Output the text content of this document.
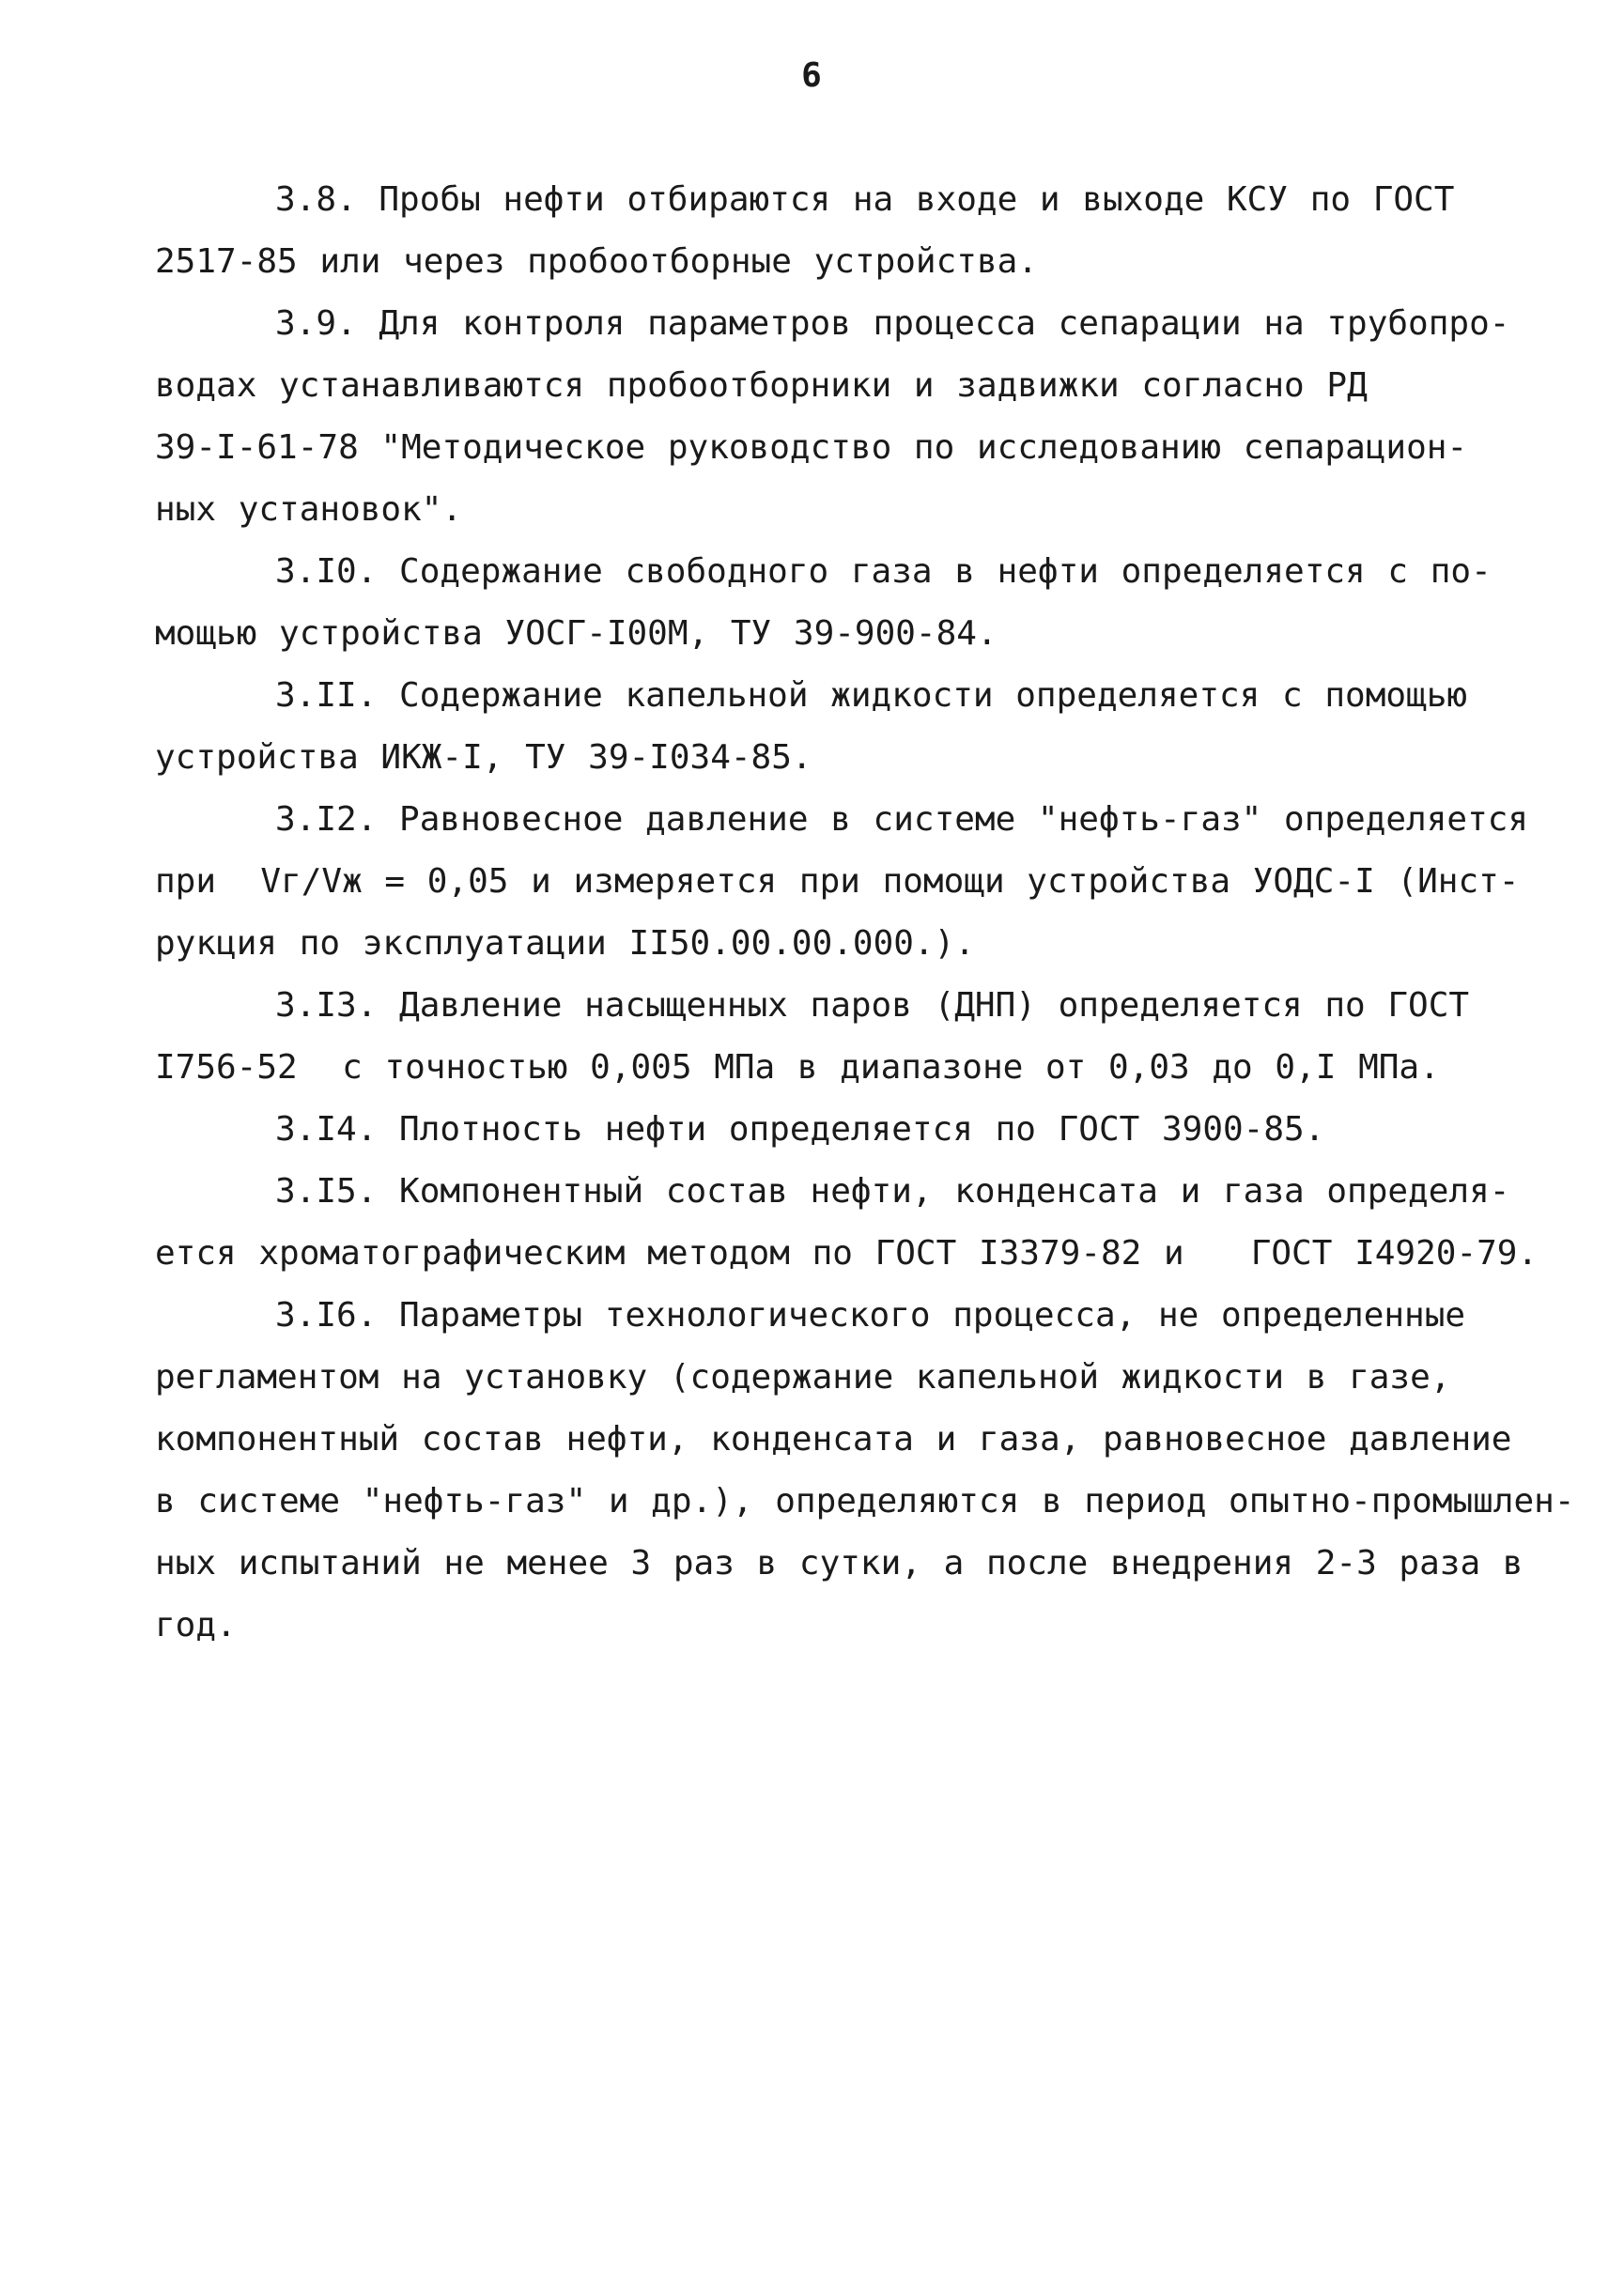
6
3.8. Пробы нефти отбираются на входе и выходе КСУ по ГОСТ
2517-85 или через пробоотборные устройства.
3.9. Для контроля параметров процесса сепарации на трубопро-
водах устанавливаются пробоотборники и задвижки согласно РД
39-I-61-78 "Методическое руководство по исследованию сепарацион-
ных установок".
3.I0. Содержание свободного газа в нефти определяется с по-
мощью устройства УОСГ-I00М, ТУ 39-900-84.
3.II. Содержание капельной жидкости определяется с помощью
устройства ИКЖ-I, ТУ 39-I034-85.
3.I2. Равновесное давление в системе "нефть-газ" определяется
при  Vг/Vж = 0,05 и измеряется при помощи устройства УОДС-I (Инст-
рукция по эксплуатации II50.00.00.000.).
3.I3. Давление насыщенных паров (ДНП) определяется по ГОСТ
I756-52  с точностью 0,005 МПа в диапазоне от 0,03 до 0,I МПа.
3.I4. Плотность нефти определяется по ГОСТ 3900-85.
3.I5. Компонентный состав нефти, конденсата и газа определя-
ется хроматографическим методом по ГОСТ I3379-82 и   ГОСТ I4920-79.
3.I6. Параметры технологического процесса, не определенные
регламентом на установку (содержание капельной жидкости в газе,
компонентный состав нефти, конденсата и газа, равновесное давление
в системе "нефть-газ" и др.), определяются в период опытно-промышлен-
ных испытаний не менее 3 раз в сутки, а после внедрения 2-3 раза в
год.
